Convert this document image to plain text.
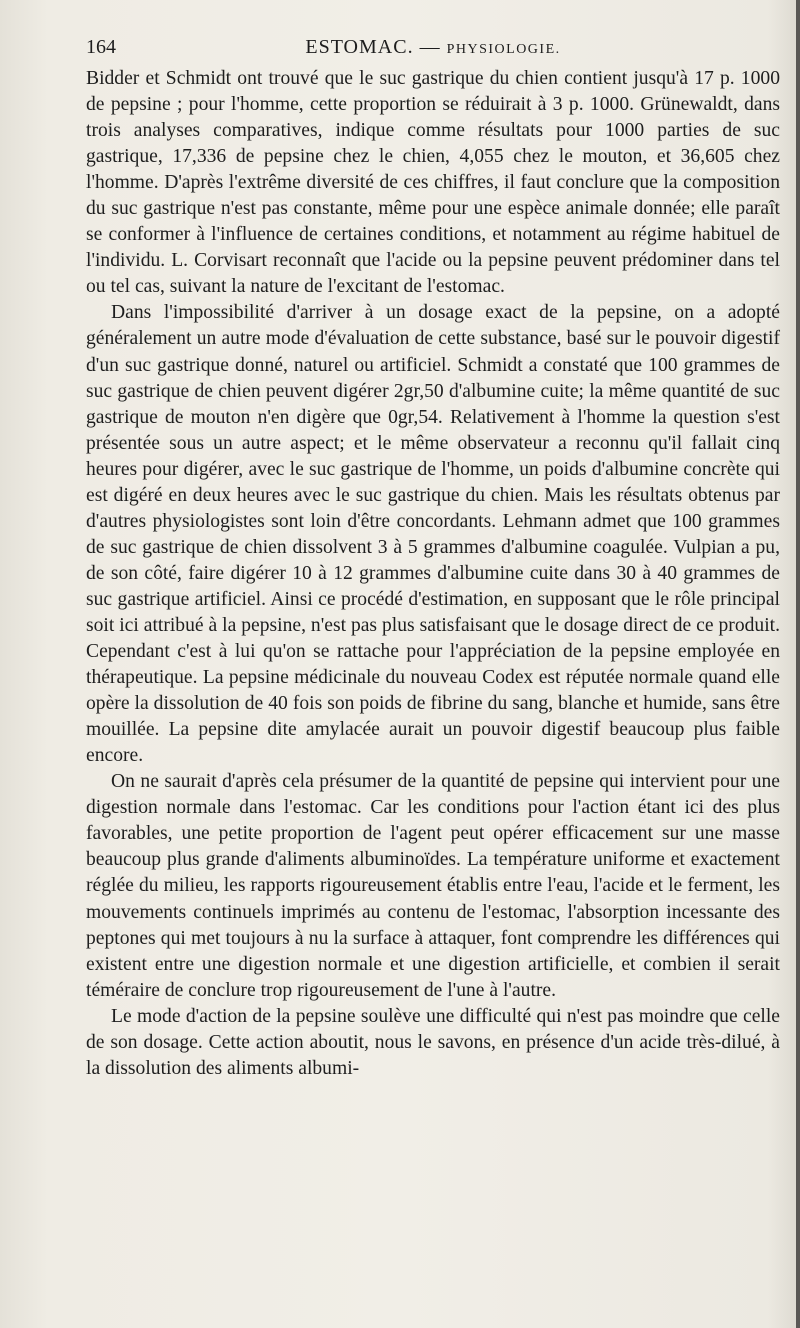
164	ESTOMAC. — PHYSIOLOGIE.

Bidder et Schmidt ont trouvé que le suc gastrique du chien contient jusqu'à 17 p. 1000 de pepsine ; pour l'homme, cette proportion se réduirait à 3 p. 1000. Grünewaldt, dans trois analyses comparatives, indique comme résultats pour 1000 parties de suc gastrique, 17,336 de pepsine chez le chien, 4,055 chez le mouton, et 36,605 chez l'homme. D'après l'extrême diversité de ces chiffres, il faut conclure que la composition du suc gastrique n'est pas constante, même pour une espèce animale donnée; elle paraît se conformer à l'influence de certaines conditions, et notamment au régime habituel de l'individu. L. Corvisart reconnaît que l'acide ou la pepsine peuvent prédominer dans tel ou tel cas, suivant la nature de l'excitant de l'estomac.

Dans l'impossibilité d'arriver à un dosage exact de la pepsine, on a adopté généralement un autre mode d'évaluation de cette substance, basé sur le pouvoir digestif d'un suc gastrique donné, naturel ou artificiel. Schmidt a constaté que 100 grammes de suc gastrique de chien peuvent digérer 2gr,50 d'albumine cuite; la même quantité de suc gastrique de mouton n'en digère que 0gr,54. Relativement à l'homme la question s'est présentée sous un autre aspect; et le même observateur a reconnu qu'il fallait cinq heures pour digérer, avec le suc gastrique de l'homme, un poids d'albumine concrète qui est digéré en deux heures avec le suc gastrique du chien. Mais les résultats obtenus par d'autres physiologistes sont loin d'être concordants. Lehmann admet que 100 grammes de suc gastrique de chien dissolvent 3 à 5 grammes d'albumine coagulée. Vulpian a pu, de son côté, faire digérer 10 à 12 grammes d'albumine cuite dans 30 à 40 grammes de suc gastrique artificiel. Ainsi ce procédé d'estimation, en supposant que le rôle principal soit ici attribué à la pepsine, n'est pas plus satisfaisant que le dosage direct de ce produit. Cependant c'est à lui qu'on se rattache pour l'appréciation de la pepsine employée en thérapeutique. La pepsine médicinale du nouveau Codex est réputée normale quand elle opère la dissolution de 40 fois son poids de fibrine du sang, blanche et humide, sans être mouillée. La pepsine dite amylacée aurait un pouvoir digestif beaucoup plus faible encore.

On ne saurait d'après cela présumer de la quantité de pepsine qui intervient pour une digestion normale dans l'estomac. Car les conditions pour l'action étant ici des plus favorables, une petite proportion de l'agent peut opérer efficacement sur une masse beaucoup plus grande d'aliments albuminoïdes. La température uniforme et exactement réglée du milieu, les rapports rigoureusement établis entre l'eau, l'acide et le ferment, les mouvements continuels imprimés au contenu de l'estomac, l'absorption incessante des peptones qui met toujours à nu la surface à attaquer, font comprendre les différences qui existent entre une digestion normale et une digestion artificielle, et combien il serait téméraire de conclure trop rigoureusement de l'une à l'autre.

Le mode d'action de la pepsine soulève une difficulté qui n'est pas moindre que celle de son dosage. Cette action aboutit, nous le savons, en présence d'un acide très-dilué, à la dissolution des aliments albumi-
